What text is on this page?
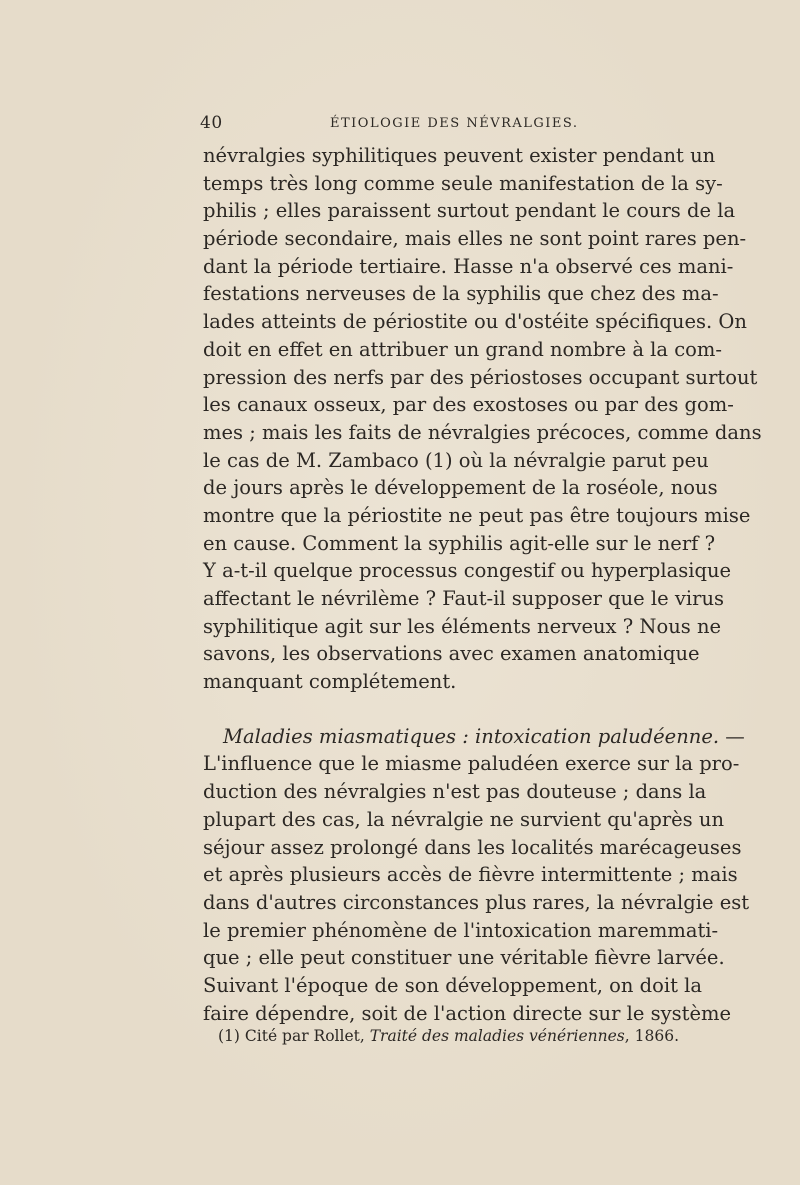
40	ÉTIOLOGIE DES NÉVRALGIES.
névralgies syphilitiques peuvent exister pendant un
temps très long comme seule manifestation de la sy-
philis ; elles paraissent surtout pendant le cours de la
période secondaire, mais elles ne sont point rares pen-
dant la période tertiaire. Hasse n'a observé ces mani-
festations nerveuses de la syphilis que chez des ma-
lades atteints de périostite ou d'ostéite spécifiques. On
doit en effet en attribuer un grand nombre à la com-
pression des nerfs par des périostoses occupant surtout
les canaux osseux, par des exostoses ou par des gom-
mes ; mais les faits de névralgies précoces, comme dans
le cas de M. Zambaco (1) où la névralgie parut peu
de jours après le développement de la roséole, nous
montre que la périostite ne peut pas être toujours mise
en cause. Comment la syphilis agit-elle sur le nerf ?
Y a-t-il quelque processus congestif ou hyperplasique
affectant le névrilème ? Faut-il supposer que le virus
syphilitique agit sur les éléments nerveux ? Nous ne
savons, les observations avec examen anatomique
manquant complétement.
Maladies miasmatiques : intoxication paludéenne. —
L'influence que le miasme paludéen exerce sur la pro-
duction des névralgies n'est pas douteuse ; dans la
plupart des cas, la névralgie ne survient qu'après un
séjour assez prolongé dans les localités marécageuses
et après plusieurs accès de fièvre intermittente ; mais
dans d'autres circonstances plus rares, la névralgie est
le premier phénomène de l'intoxication maremmati-
que ; elle peut constituer une véritable fièvre larvée.
Suivant l'époque de son développement, on doit la
faire dépendre, soit de l'action directe sur le système
(1) Cité par Rollet, Traité des maladies vénériennes, 1866.
